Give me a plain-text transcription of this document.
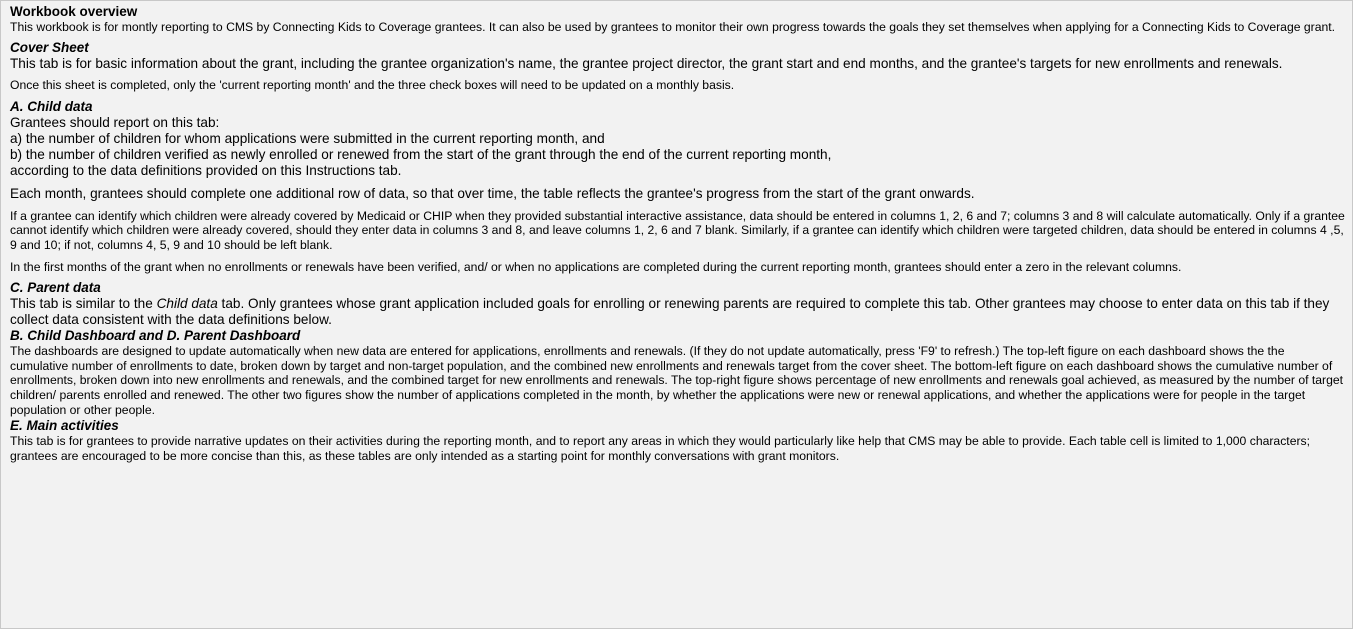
Workbook overview

This workbook is for montly reporting to CMS by Connecting Kids to Coverage grantees. It can also be used by grantees to monitor their own progress towards the goals they set themselves when applying for a Connecting Kids to Coverage grant.

Cover Sheet

This tab is for basic information about the grant, including the grantee organization's name, the grantee project director, the grant start and end months, and the grantee's targets for new enrollments and renewals.

Once this sheet is completed, only the 'current reporting month' and the three check boxes will need to be updated on a monthly basis.

A. Child data

Grantees should report on this tab:

a) the number of children for whom applications were submitted in the current reporting month, and

b) the number of children verified as newly enrolled or renewed from the start of the grant through the end of the current reporting month,

according to the data definitions provided on this Instructions tab.

Each month, grantees should complete one additional row of data, so that over time, the table reflects the grantee's progress from the start of the grant onwards.

If a grantee can identify which children were already covered by Medicaid or CHIP when they provided substantial interactive assistance, data should be entered in columns 1, 2, 6 and 7; columns 3 and 8 will calculate automatically. Only if a grantee cannot identify which children were already covered, should they enter data in columns 3 and 8, and leave columns 1, 2, 6 and 7 blank. Similarly, if a grantee can identify which children were targeted children, data should be entered in columns 4 ,5, 9 and 10; if not, columns 4, 5, 9 and 10 should be left blank.

In the first months of the grant when no enrollments or renewals have been verified, and/ or when no applications are completed during the current reporting month, grantees should enter a zero in the relevant columns.

C. Parent data

This tab is similar to the Child data tab. Only grantees whose grant application included goals for enrolling or renewing parents are required to complete this tab. Other grantees may choose to enter data on this tab if they collect data consistent with the data definitions below.

B. Child Dashboard and D. Parent Dashboard

The dashboards are designed to update automatically when new data are entered for applications, enrollments and renewals. (If they do not update automatically, press 'F9' to refresh.) The top-left figure on each dashboard shows the the cumulative number of enrollments to date, broken down by target and non-target population, and the combined new enrollments and renewals target from the cover sheet. The bottom-left figure on each dashboard shows the cumulative number of enrollments, broken down into new enrollments and renewals, and the combined target for new enrollments and renewals. The top-right figure shows percentage of new enrollments and renewals goal achieved, as measured by the number of target children/ parents enrolled and renewed. The other two figures show the number of applications completed in the month, by whether the applications were new or renewal applications, and whether the applications were for people in the target population or other people.

E. Main activities

This tab is for grantees to provide narrative updates on their activities during the reporting month, and to report any areas in which they would particularly like help that CMS may be able to provide. Each table cell is limited to 1,000 characters; grantees are encouraged to be more concise than this, as these tables are only intended as a starting point for monthly conversations with grant monitors.
